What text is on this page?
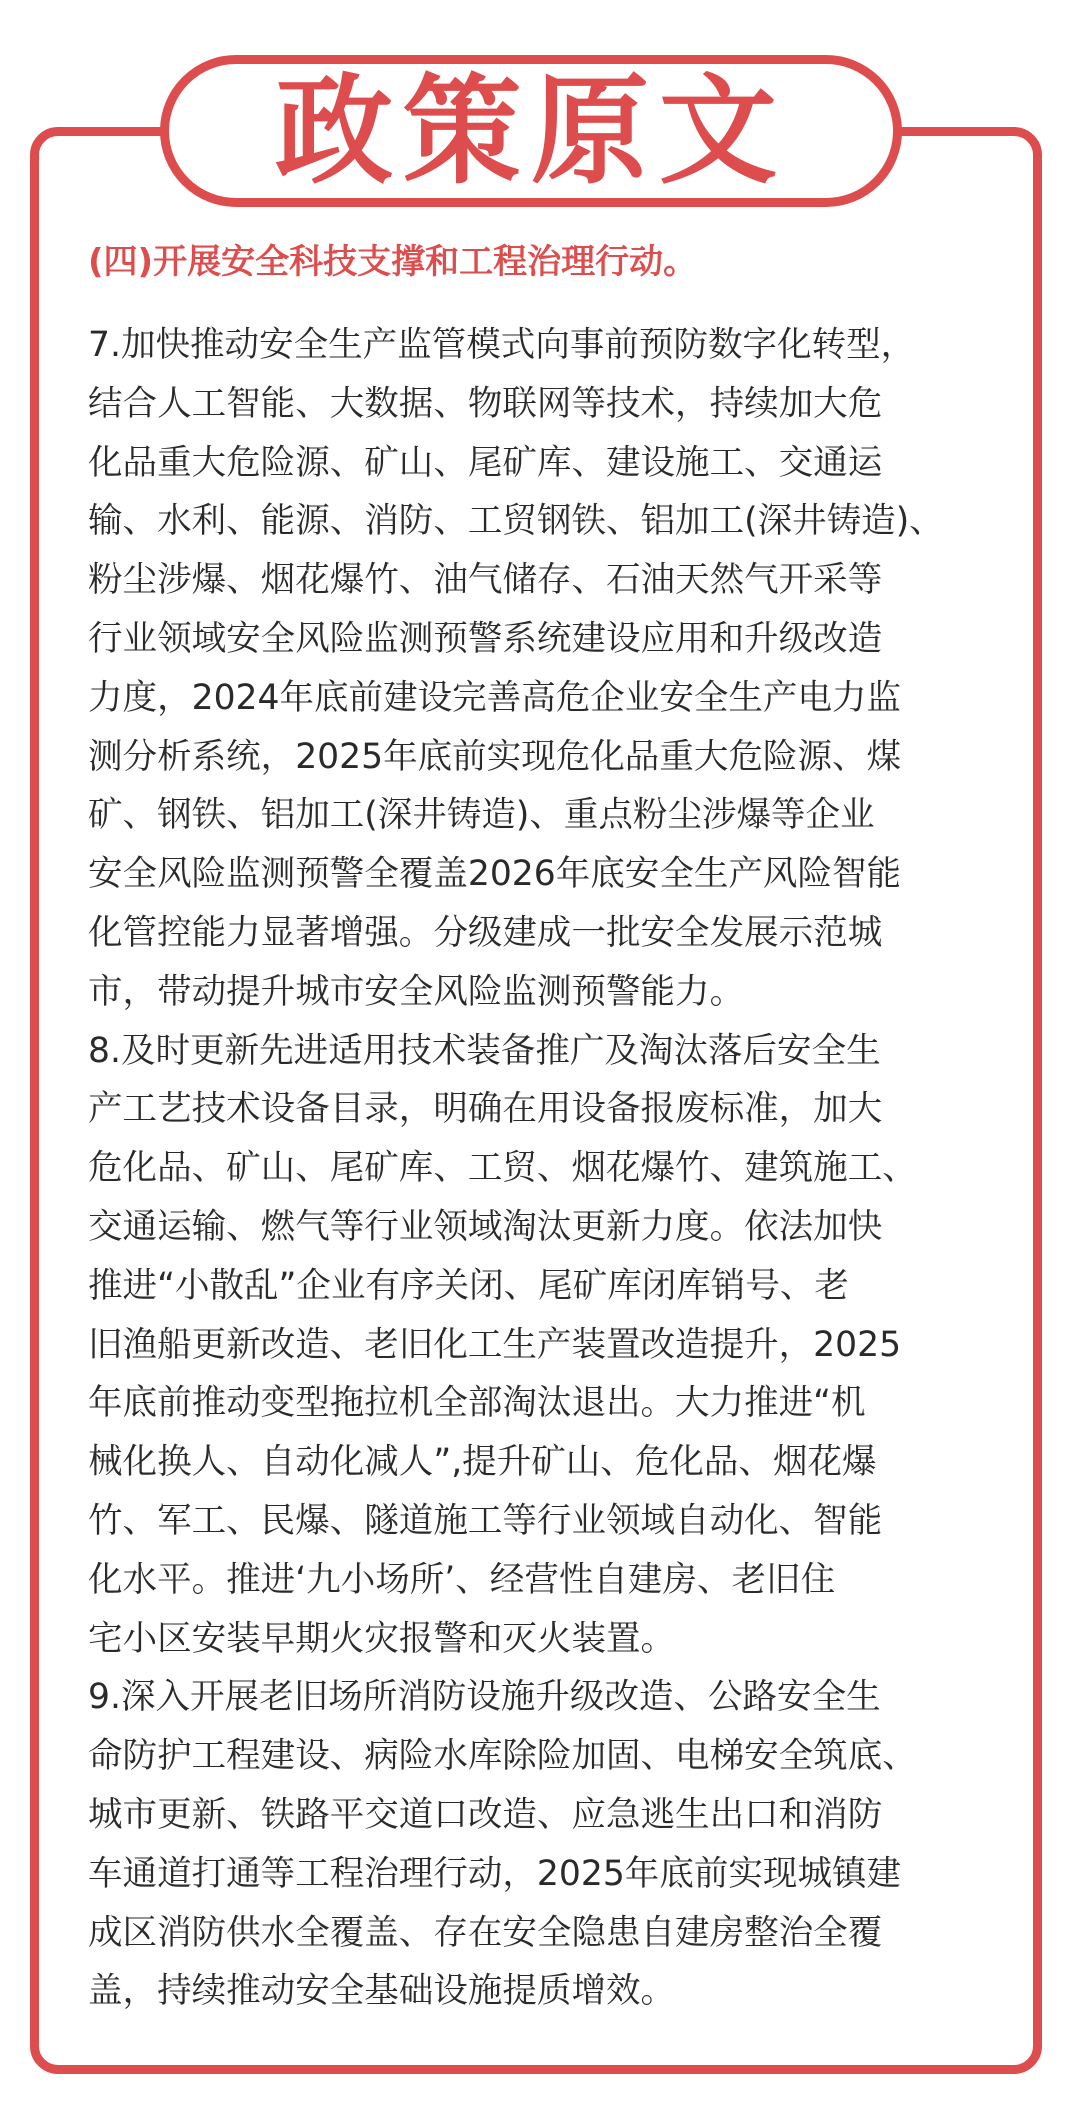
政策原文
(四)开展安全科技支撑和工程治理行动。
7.加快推动安全生产监管模式向事前预防数字化转型，
结合人工智能、大数据、物联网等技术，持续加大危
化品重大危险源、矿山、尾矿库、建设施工、交通运
输、水利、能源、消防、工贸钢铁、铝加工(深井铸造)、
粉尘涉爆、烟花爆竹、油气储存、石油天然气开采等
行业领域安全风险监测预警系统建设应用和升级改造
力度，2024年底前建设完善高危企业安全生产电力监
测分析系统，2025年底前实现危化品重大危险源、煤
矿、钢铁、铝加工(深井铸造)、重点粉尘涉爆等企业
安全风险监测预警全覆盖2026年底安全生产风险智能
化管控能力显著增强。分级建成一批安全发展示范城
市，带动提升城市安全风险监测预警能力。
8.及时更新先进适用技术装备推广及淘汰落后安全生
产工艺技术设备目录，明确在用设备报废标准，加大
危化品、矿山、尾矿库、工贸、烟花爆竹、建筑施工、
交通运输、燃气等行业领域淘汰更新力度。依法加快
推进“小散乱”企业有序关闭、尾矿库闭库销号、老
旧渔船更新改造、老旧化工生产装置改造提升，2025
年底前推动变型拖拉机全部淘汰退出。大力推进“机
械化换人、自动化减人”,提升矿山、危化品、烟花爆
竹、军工、民爆、隧道施工等行业领域自动化、智能
化水平。推进‘九小场所’、经营性自建房、老旧住
宅小区安装早期火灾报警和灭火装置。
9.深入开展老旧场所消防设施升级改造、公路安全生
命防护工程建设、病险水库除险加固、电梯安全筑底、
城市更新、铁路平交道口改造、应急逃生出口和消防
车通道打通等工程治理行动，2025年底前实现城镇建
成区消防供水全覆盖、存在安全隐患自建房整治全覆
盖，持续推动安全基础设施提质增效。
